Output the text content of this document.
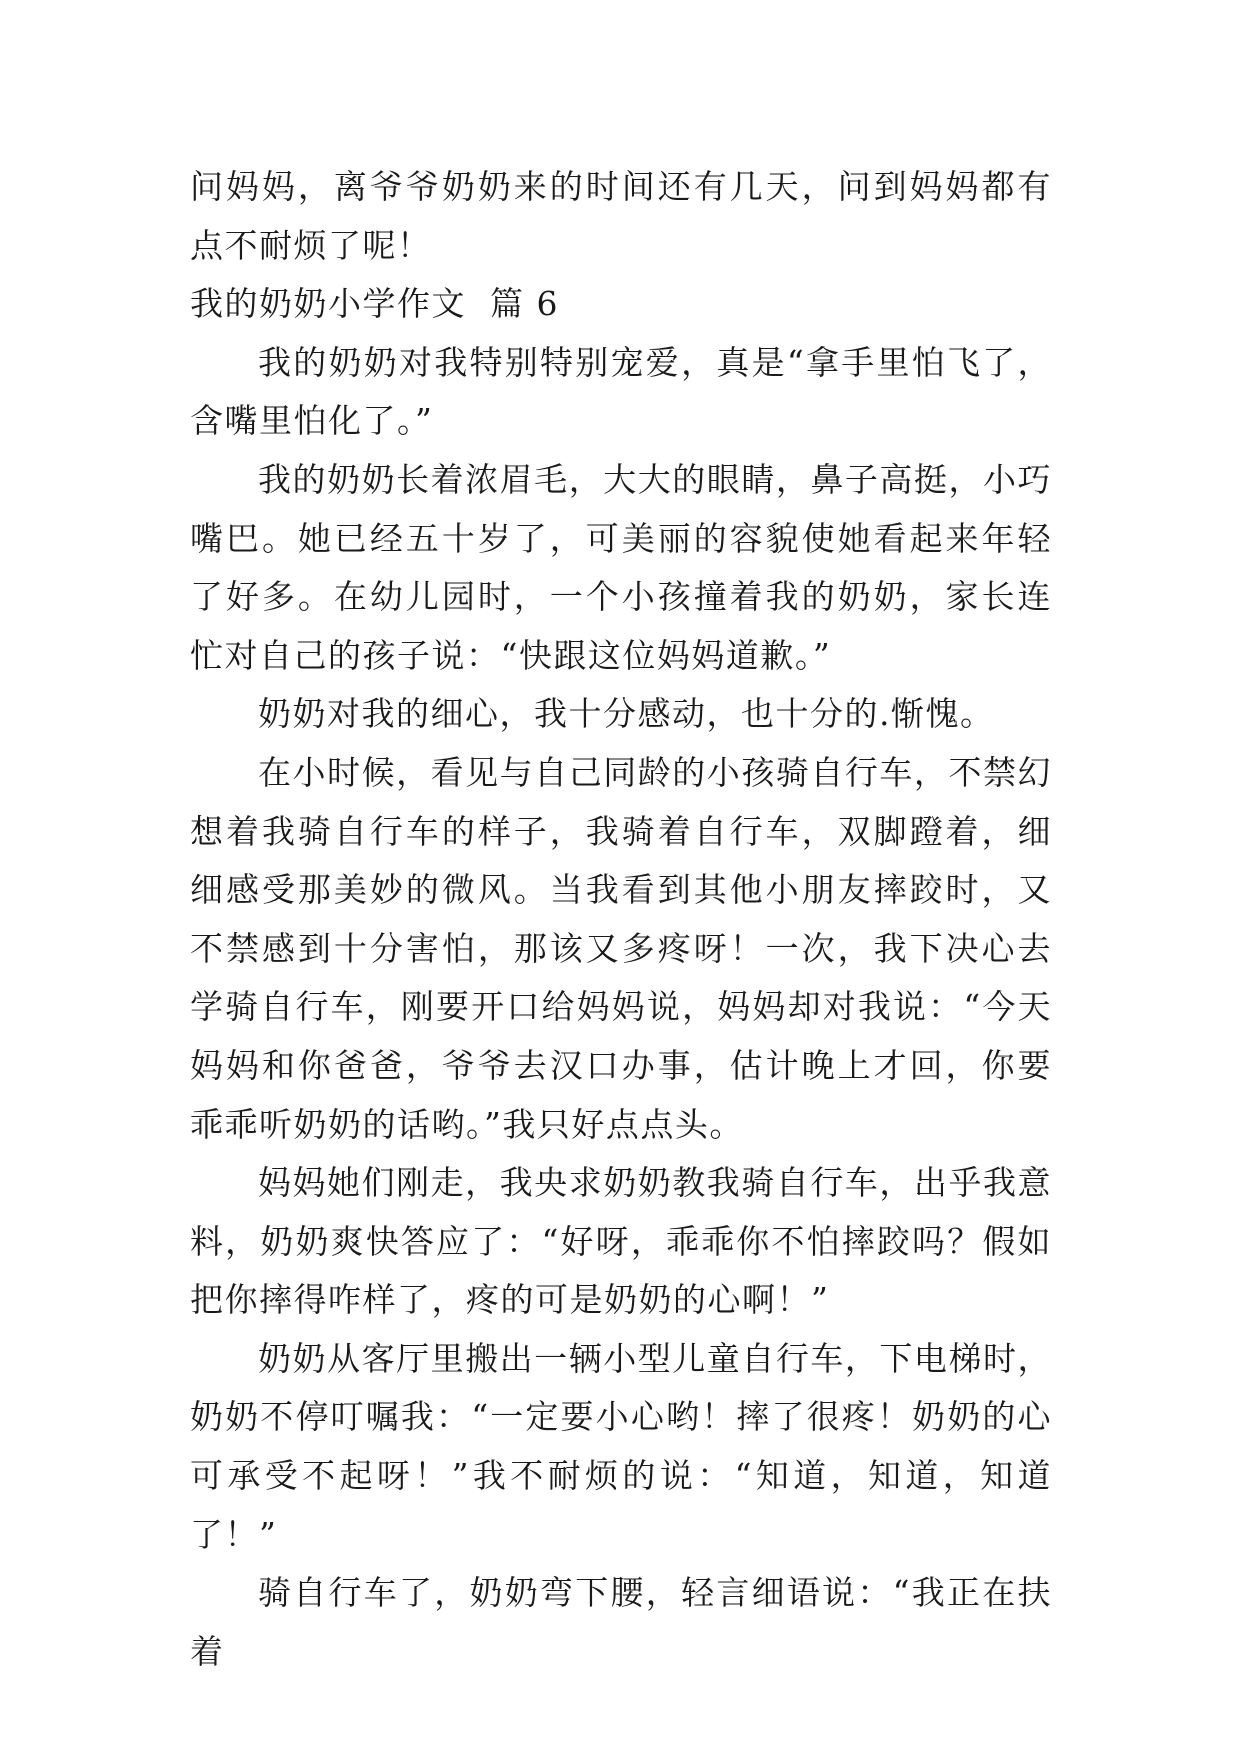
问妈妈，离爷爷奶奶来的时间还有几天，问到妈妈都有点不耐烦了呢！

我的奶奶小学作文  篇 6

我的奶奶对我特别特别宠爱，真是“拿手里怕飞了，含嘴里怕化了。”

我的奶奶长着浓眉毛，大大的眼睛，鼻子高挺，小巧嘴巴。她已经五十岁了，可美丽的容貌使她看起来年轻了好多。在幼儿园时，一个小孩撞着我的奶奶，家长连忙对自己的孩子说：“快跟这位妈妈道歉。”

奶奶对我的细心，我十分感动，也十分的.惭愧。

在小时候，看见与自己同龄的小孩骑自行车，不禁幻想着我骑自行车的样子，我骑着自行车，双脚蹬着，细细感受那美妙的微风。当我看到其他小朋友摔跤时，又不禁感到十分害怕，那该又多疼呀！一次，我下决心去学骑自行车，刚要开口给妈妈说，妈妈却对我说：“今天妈妈和你爸爸，爷爷去汉口办事，估计晚上才回，你要乖乖听奶奶的话哟。”我只好点点头。

妈妈她们刚走，我央求奶奶教我骑自行车，出乎我意料，奶奶爽快答应了：“好呀，乖乖你不怕摔跤吗？假如把你摔得咋样了，疼的可是奶奶的心啊！”

奶奶从客厅里搬出一辆小型儿童自行车，下电梯时，奶奶不停叮嘱我：“一定要小心哟！摔了很疼！奶奶的心可承受不起呀！”我不耐烦的说：“知道，知道，知道了！”

骑自行车了，奶奶弯下腰，轻言细语说：“我正在扶着
